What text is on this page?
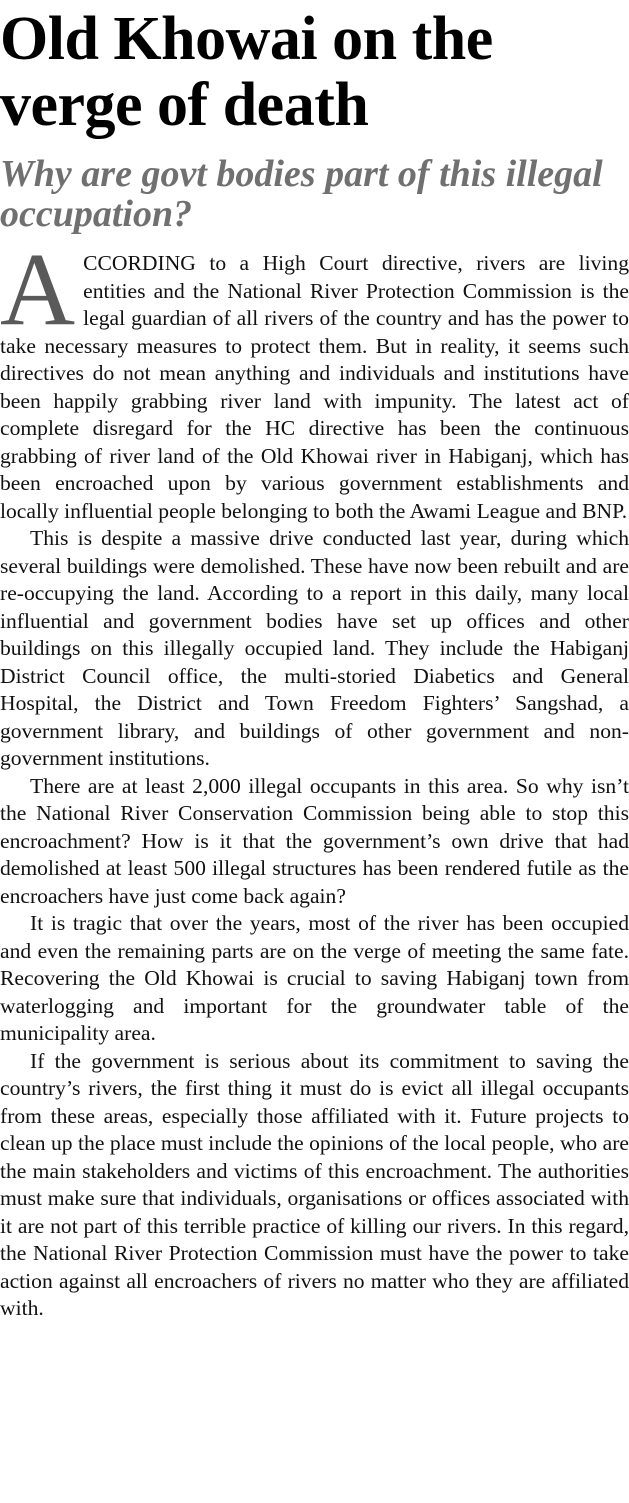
Old Khowai on the verge of death
Why are govt bodies part of this illegal occupation?

ACCORDING to a High Court directive, rivers are living entities and the National River Protection Commission is the legal guardian of all rivers of the country and has the power to take necessary measures to protect them. But in reality, it seems such directives do not mean anything and individuals and institutions have been happily grabbing river land with impunity. The latest act of complete disregard for the HC directive has been the continuous grabbing of river land of the Old Khowai river in Habiganj, which has been encroached upon by various government establishments and locally influential people belonging to both the Awami League and BNP.

This is despite a massive drive conducted last year, during which several buildings were demolished. These have now been rebuilt and are re-occupying the land. According to a report in this daily, many local influential and government bodies have set up offices and other buildings on this illegally occupied land. They include the Habiganj District Council office, the multi-storied Diabetics and General Hospital, the District and Town Freedom Fighters’ Sangshad, a government library, and buildings of other government and non-government institutions.

There are at least 2,000 illegal occupants in this area. So why isn’t the National River Conservation Commission being able to stop this encroachment? How is it that the government’s own drive that had demolished at least 500 illegal structures has been rendered futile as the encroachers have just come back again?

It is tragic that over the years, most of the river has been occupied and even the remaining parts are on the verge of meeting the same fate. Recovering the Old Khowai is crucial to saving Habiganj town from waterlogging and important for the groundwater table of the municipality area.

If the government is serious about its commitment to saving the country’s rivers, the first thing it must do is evict all illegal occupants from these areas, especially those affiliated with it. Future projects to clean up the place must include the opinions of the local people, who are the main stakeholders and victims of this encroachment. The authorities must make sure that individuals, organisations or offices associated with it are not part of this terrible practice of killing our rivers. In this regard, the National River Protection Commission must have the power to take action against all encroachers of rivers no matter who they are affiliated with.
